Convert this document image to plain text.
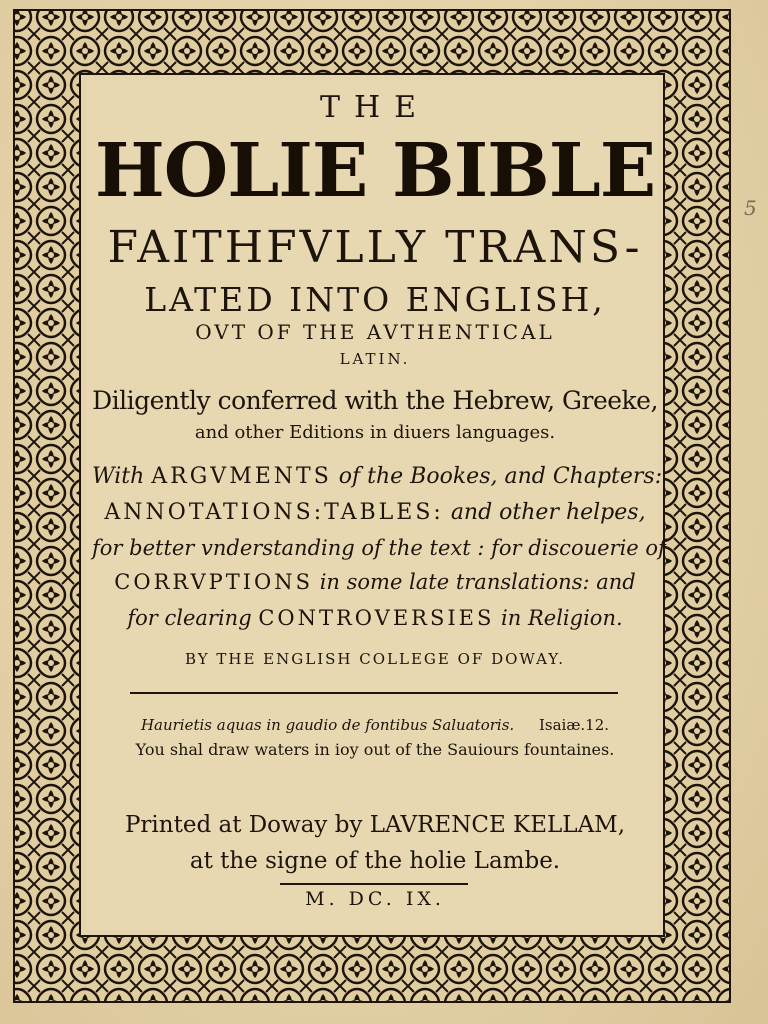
5
THE
HOLIE BIBLE
FAITHFVLLY TRANS-
LATED INTO ENGLISH,
OVT OF THE AVTHENTICAL
LATIN.
Diligently conferred with the Hebrew, Greeke,
and other Editions in diuers languages.
With ARGVMENTS of the Bookes, and Chapters:
ANNOTATIONS:TABLES: and other helpes,
for better vnderstanding of the text : for discouerie of
CORRVPTIONS in some late translations: and
for clearing CONTROVERSIES in Religion.
BY THE ENGLISH COLLEGE OF DOWAY.
Haurietis aquas in gaudio de fontibus Saluatoris. Isaiæ.12.
You shal draw waters in ioy out of the Sauiours fountaines.
Printed at Doway by LAVRENCE KELLAM,
at the signe of the holie Lambe.
M. DC. IX.
